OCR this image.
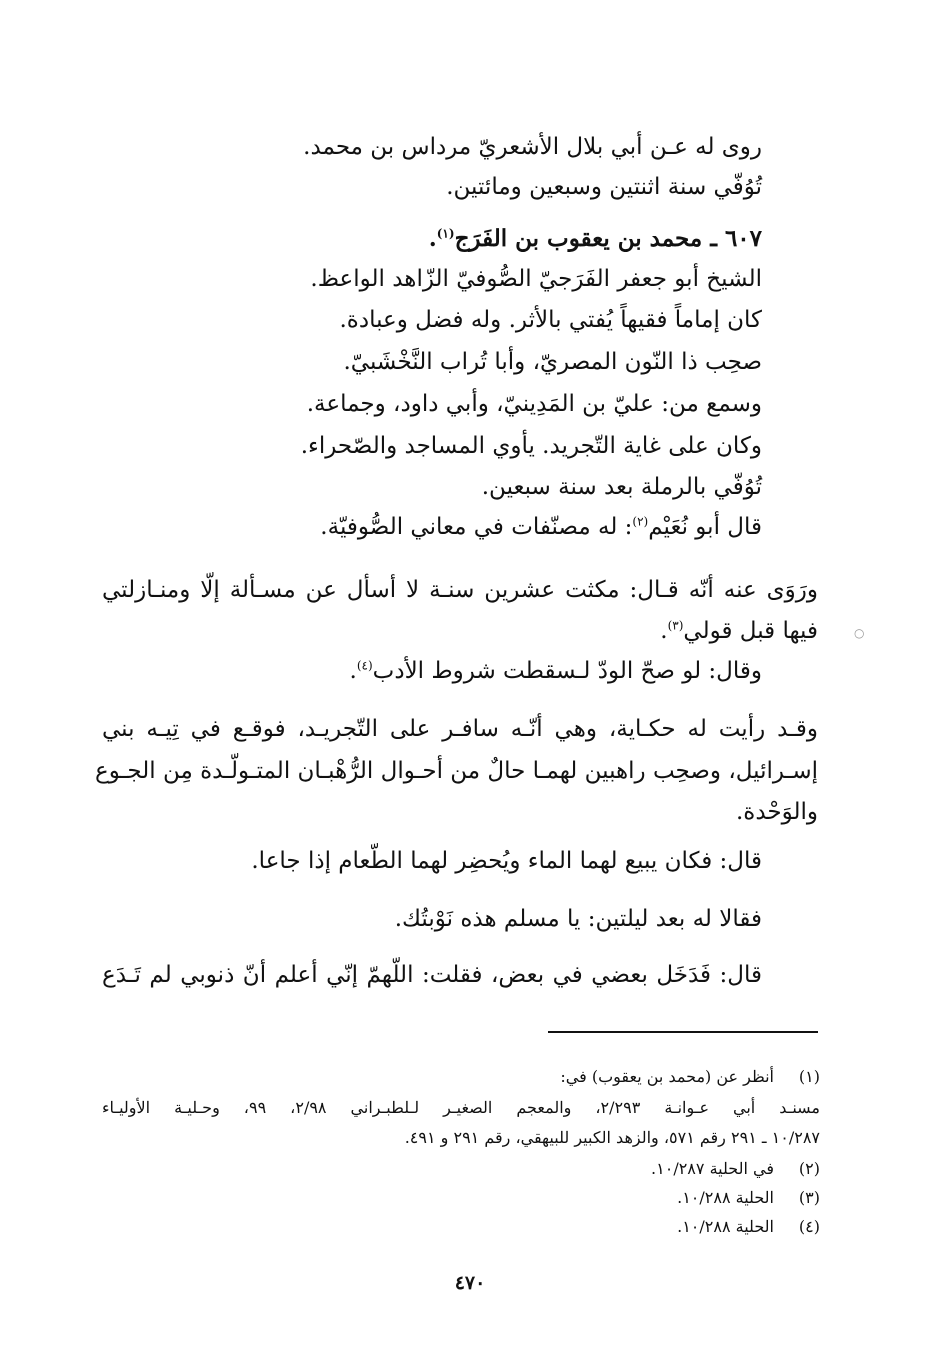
روى له عـن أبي بلال الأشعريّ مرداس بن محمد.
تُوُفّي سنة اثنتين وسبعين ومائتين.
٦٠٧ ـ محمد بن يعقوب بن الفَرَج$^{(١)}$.
الشيخ أبو جعفر الفَرَجيّ الصُّوفيّ الزّاهد الواعظ.
كان إماماً فقيهاً يُفتي بالأثر. وله فضل وعبادة.
صحِب ذا النّون المصريّ، وأبا تُراب النَّخْشَبيّ.
وسمع من: عليّ بن المَدِينيّ، وأبي داود، وجماعة.
وكان على غاية التّجريد. يأوي المساجد والصّحراء.
تُوُفّي بالرملة بعد سنة سبعين.
قال أبو نُعَيْم$^{(٢)}$: له مصنّفات في معاني الصُّوفيّة.
ورَوَى عنه أنّه قـال: مكثت عشرين سنـة لا أسأل عن مسـألة إلّا ومنـازلتي
فيها قبل قولي$^{(٣)}$.
وقال: لو صحّ الودّ لـسقطت شروط الأدب$^{(٤)}$.
وقـد رأيت له حكـاية، وهي أنّـه سافـر على التّجريـد، فوقـع في تِيـه بني
إسـرائيل، وصحِب راهبين لهمـا حالٌ من أحـوال الرُّهْبـان المتـولّـدة مِن الجـوع
والوَحْدة.
قال: فكان يبيع لهما الماء ويُحضِر لهما الطّعام إذا جاعا.
فقالا له بعد ليلتين: يا مسلم هذه نَوْبتُك.
قال: فَدَخَل بعضي في بعض، فقلت: اللّهمّ إنّي أعلم أنّ ذنوبي لم تَـدَع
(١)أنظر عن (محمد بن يعقوب) في:
مسنـد أبي عـوانـة ٢/٢٩٣، والمعجم الصغيـر لـلطبـراني ٢/٩٨، ٩٩، وحـليـة الأوليـاء
١٠/٢٨٧ ـ ٢٩١ رقم ٥٧١، والزهد الكبير للبيهقي، رقم ٢٩١ و ٤٩١.
(٢)في الحلية ١٠/٢٨٧.
(٣)الحلية ١٠/٢٨٨.
(٤)الحلية ١٠/٢٨٨.
٤٧٠
○
